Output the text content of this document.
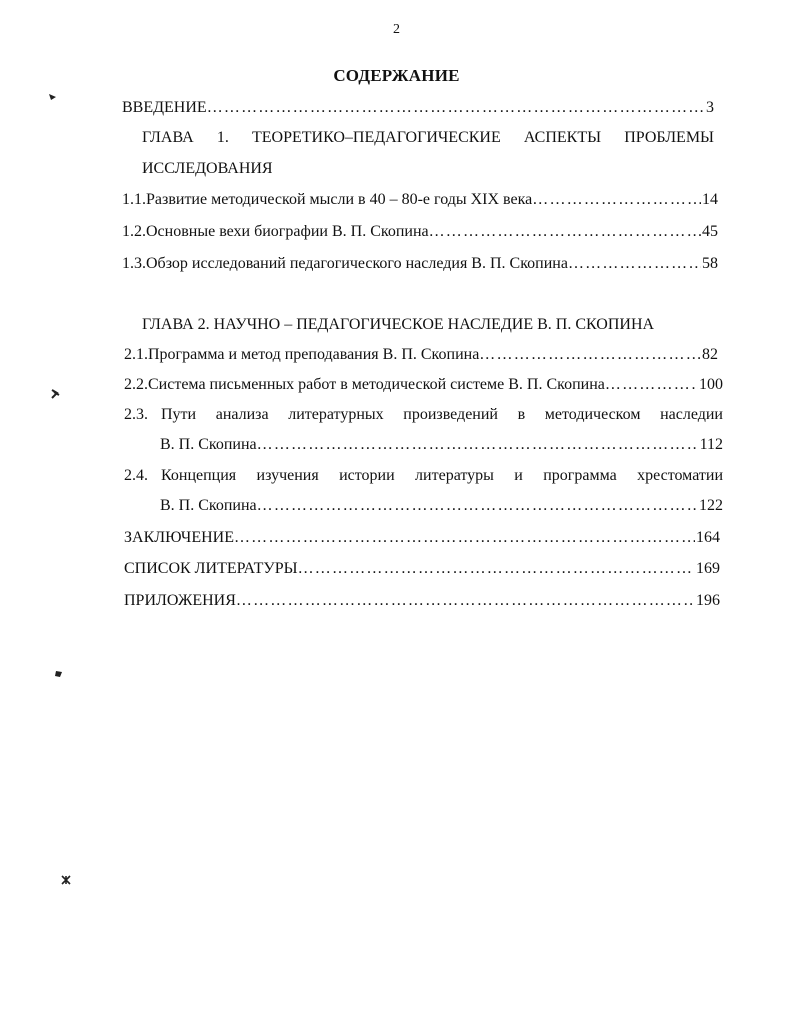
2
СОДЕРЖАНИЕ
ВВЕДЕНИЕ ……………………………………………………………………………………………………………………………………………………………………………	3
ГЛАВА 1. ТЕОРЕТИКО–ПЕДАГОГИЧЕСКИЕ АСПЕКТЫ ПРОБЛЕМЫ
ИССЛЕДОВАНИЯ
1.1. Развитие методической мысли в 40 – 80-е годы XIX века ……………………………………………………………………………………………………………………………………………………………………………	14
1.2. Основные вехи биографии В. П. Скопина ……………………………………………………………………………………………………………………………………………………………………………	45
1.3. Обзор исследований педагогического наследия В. П. Скопина ……………………………………………………………………………………………………………………………………………………………………………	58
ГЛАВА 2. НАУЧНО – ПЕДАГОГИЧЕСКОЕ НАСЛЕДИЕ В. П. СКОПИНА
2.1. Программа и метод преподавания В. П. Скопина ……………………………………………………………………………………………………………………………………………………………………………	82
2.2. Система письменных работ в методической системе В. П. Скопина ……………………………………………………………………………………………………………………………………………………………………………	100
2.3. Пути анализа литературных произведений в методическом наследии
В. П. Скопина ……………………………………………………………………………………………………………………………………………………………………………	112
2.4. Концепция изучения истории литературы и программа хрестоматии
В. П. Скопина ……………………………………………………………………………………………………………………………………………………………………………	122
ЗАКЛЮЧЕНИЕ ……………………………………………………………………………………………………………………………………………………………………………	164
СПИСОК ЛИТЕРАТУРЫ ……………………………………………………………………………………………………………………………………………………………………………	169
ПРИЛОЖЕНИЯ ……………………………………………………………………………………………………………………………………………………………………………	196
